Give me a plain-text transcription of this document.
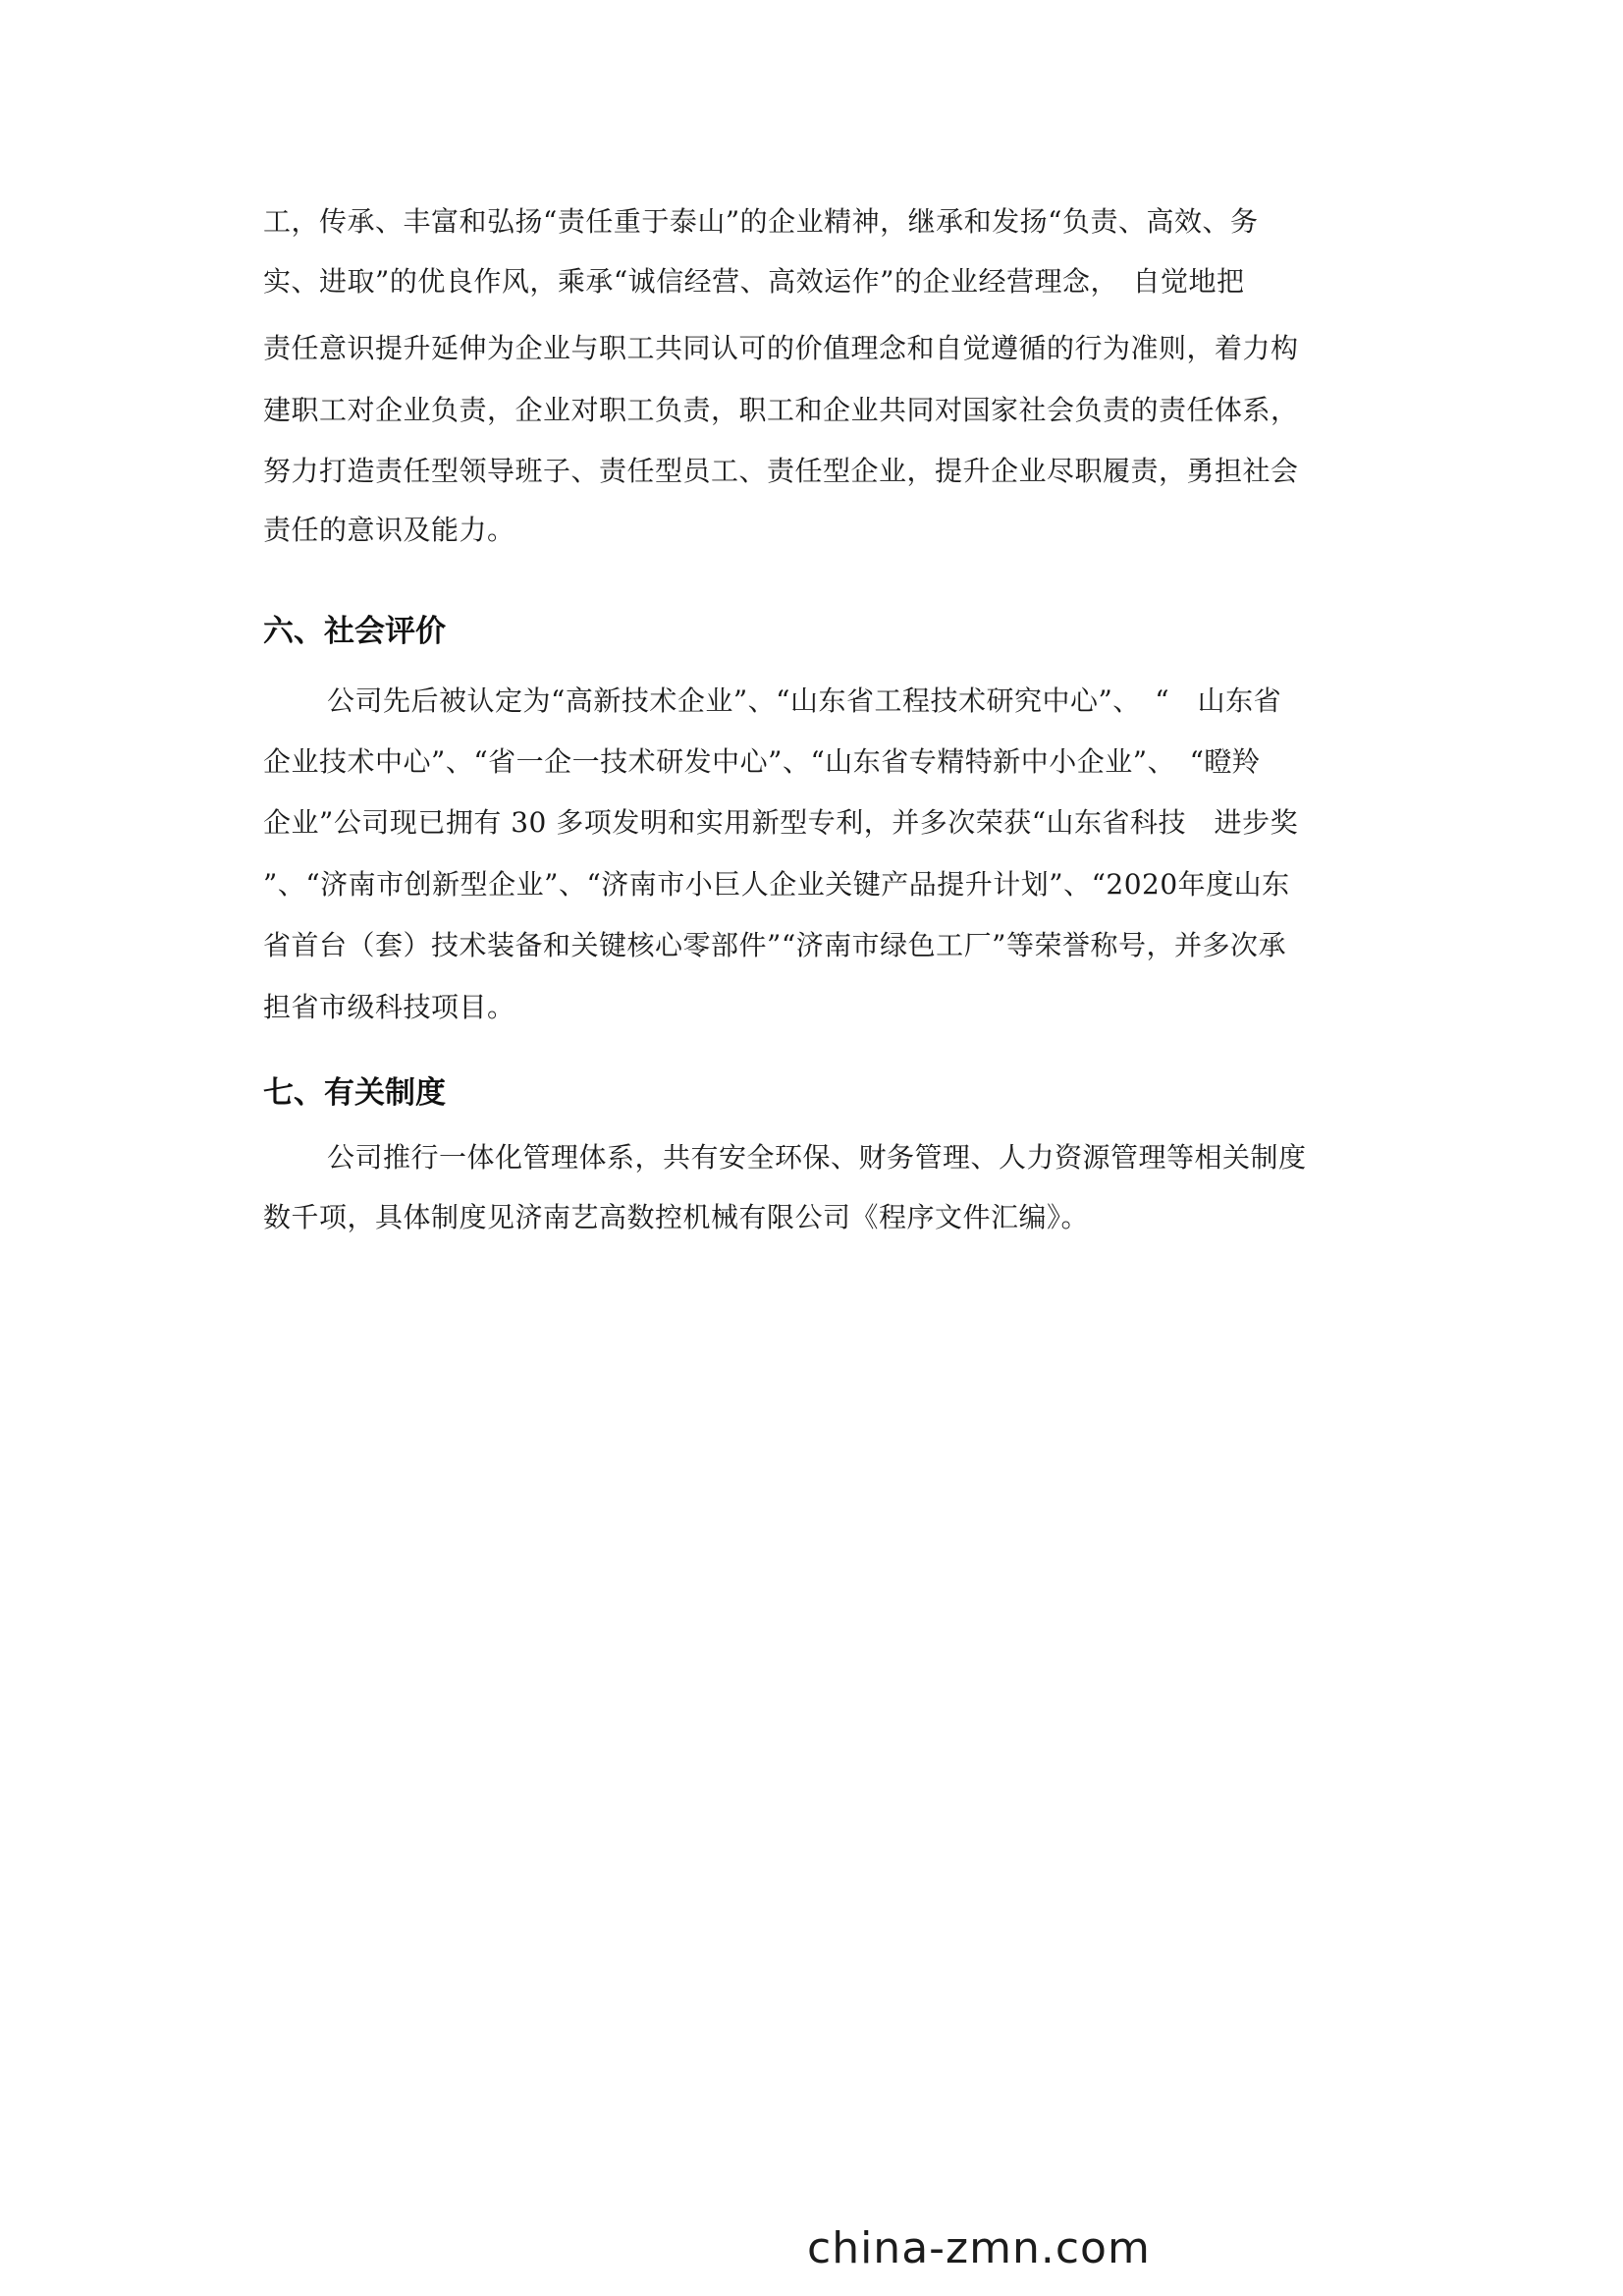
工，传承、丰富和弘扬“责任重于泰山”的企业精神，继承和发扬“负责、高效、务
实、进取”的优良作风，乘承“诚信经营、高效运作”的企业经营理念，　自觉地把
责任意识提升延伸为企业与职工共同认可的价值理念和自觉遵循的行为准则，着力构
建职工对企业负责，企业对职工负责，职工和企业共同对国家社会负责的责任体系，
努力打造责任型领导班子、责任型员工、责任型企业，提升企业尽职履责，勇担社会
责任的意识及能力。
六、社会评价
公司先后被认定为“高新技术企业”、“山东省工程技术研究中心”、　“　山东省
企业技术中心”、“省一企一技术研发中心”、“山东省专精特新中小企业”、　“瞪羚
企业”公司现已拥有 30 多项发明和实用新型专利，并多次荣获“山东省科技　进步奖
”、“济南市创新型企业”、“济南市小巨人企业关键产品提升计划”、“2020年度山东
省首台（套）技术装备和关键核心零部件”“济南市绿色工厂”等荣誉称号，并多次承
担省市级科技项目。
七、有关制度
公司推行一体化管理体系，共有安全环保、财务管理、人力资源管理等相关制度
数千项，具体制度见济南艺高数控机械有限公司《程序文件汇编》。
china-zmn.com
